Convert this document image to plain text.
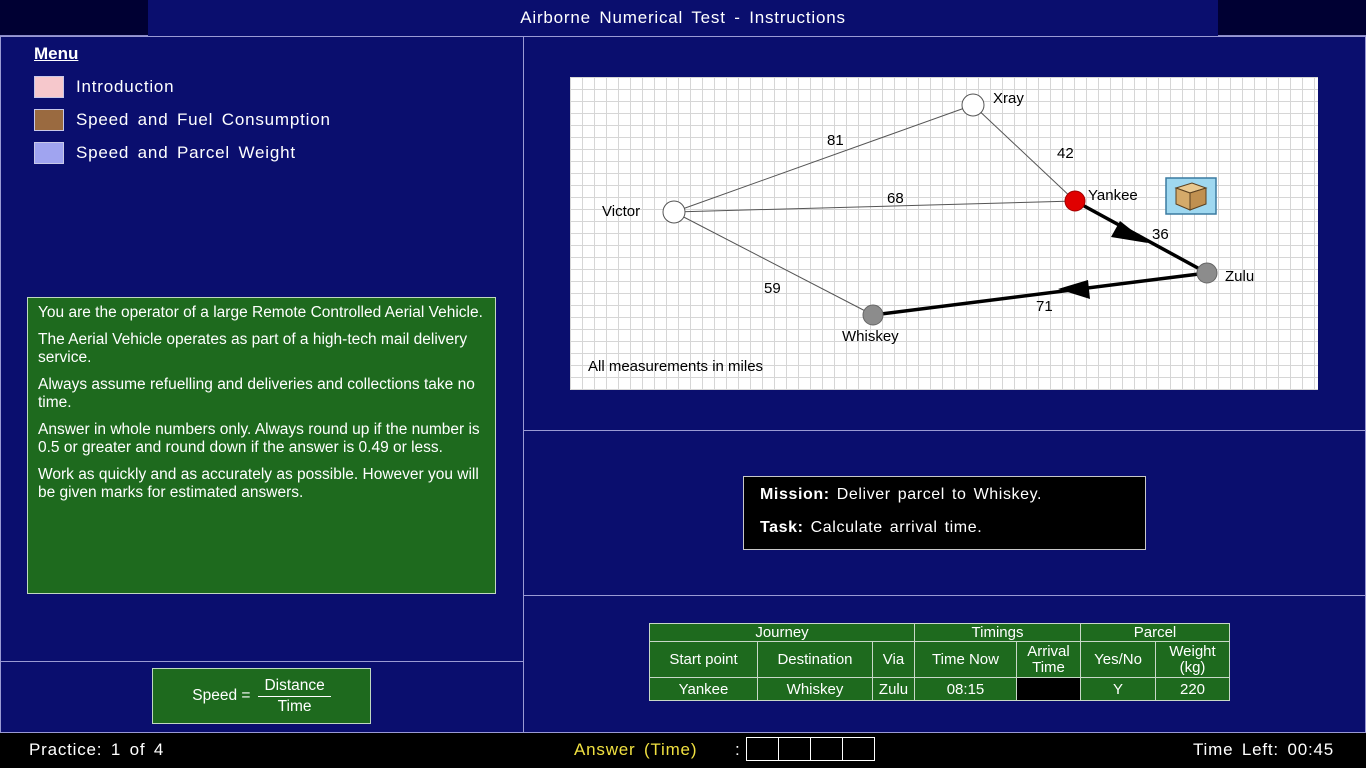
Airborne Numerical Test - Instructions
Menu
Introduction
Speed and Fuel Consumption
Speed and Parcel Weight

You are the operator of a large Remote Controlled Aerial Vehicle.

The Aerial Vehicle operates as part of a high-tech mail delivery service.

Always assume refuelling and deliveries and collections take no time.

Answer in whole numbers only. Always round up if the number is 0.5 or greater and round down if the answer is 0.49 or less.

Work as quickly and as accurately as possible. However you will be given marks for estimated answers.

Speed = $\frac{\text{Distance}}{\text{Time}}$
Xray
Yankee
Victor
Zulu
Whiskey
81
42
68
36
59
71
All measurements in miles
Mission: Deliver parcel to Whiskey.
Task: Calculate arrival time.
Journey			Timings		Parcel	
Start point	Destination	Via	Time Now	Arrival Time	Yes/No	Weight (kg)
Yankee	Whiskey	Zulu	08:15		Y	220
Practice: 1 of 4	Answer (Time) :	Time Left: 00:45
